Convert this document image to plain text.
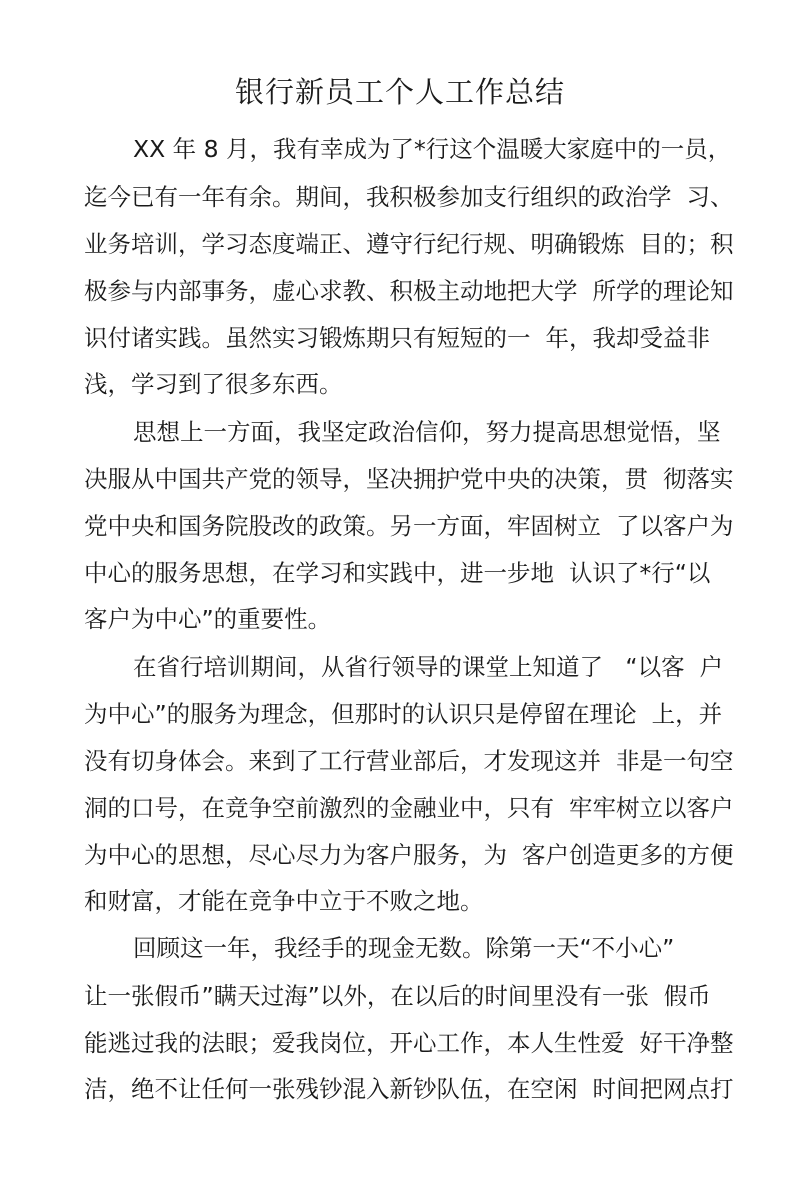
银行新员工个人工作总结
XX 年 8 月，我有幸成为了*行这个温暖大家庭中的一员，
迄今已有一年有余。期间，我积极参加支行组织的政治学  习、
业务培训，学习态度端正、遵守行纪行规、明确锻炼  目的；积
极参与内部事务，虚心求教、积极主动地把大学  所学的理论知
识付诸实践。虽然实习锻炼期只有短短的一  年，我却受益非
浅，学习到了很多东西。
思想上一方面，我坚定政治信仰，努力提高思想觉悟，坚
决服从中国共产党的领导，坚决拥护党中央的决策，贯  彻落实
党中央和国务院股改的政策。另一方面，牢固树立  了以客户为
中心的服务思想，在学习和实践中，进一步地  认识了*行“以
客户为中心”的重要性。
在省行培训期间，从省行领导的课堂上知道了   “以客  户
为中心”的服务为理念，但那时的认识只是停留在理论  上，并
没有切身体会。来到了工行营业部后，才发现这并  非是一句空
洞的口号，在竞争空前激烈的金融业中，只有  牢牢树立以客户
为中心的思想，尽心尽力为客户服务，为  客户创造更多的方便
和财富，才能在竞争中立于不败之地。
回顾这一年，我经手的现金无数。除第一天“不小心”
让一张假币”瞒天过海”以外，在以后的时间里没有一张  假币
能逃过我的法眼；爱我岗位，开心工作，本人生性爱  好干净整
洁，绝不让任何一张残钞混入新钞队伍，在空闲  时间把网点打
